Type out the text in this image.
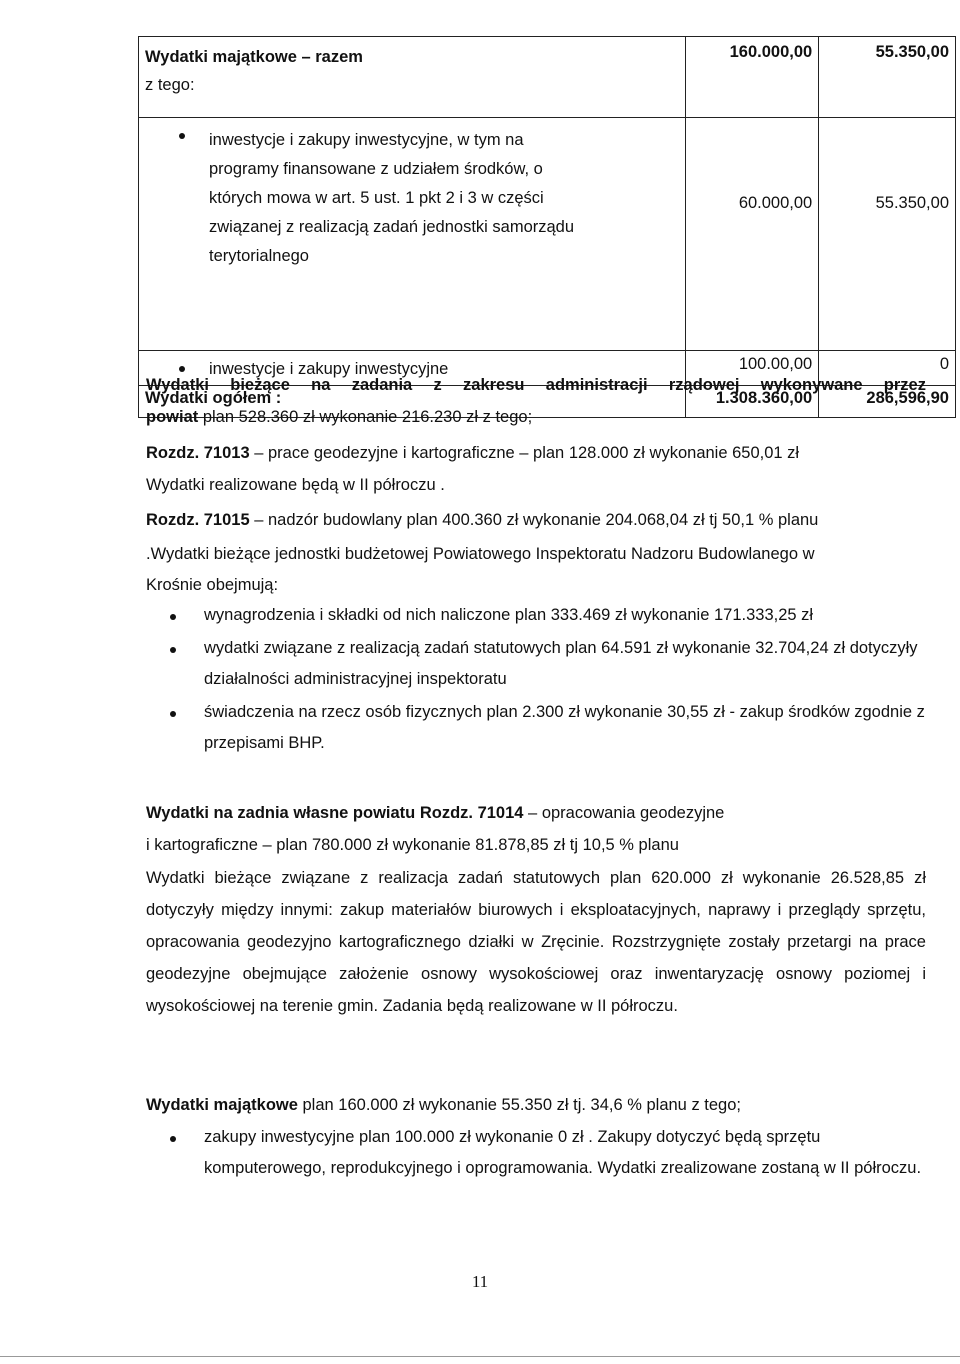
Wydatki majątkowe – razem
z tego:	160.000,00	55.350,00

inwestycje i zakupy inwestycyjne, w tym na
programy finansowane z udziałem środków, o
których mowa w art. 5 ust. 1 pkt 2 i 3 w części
związanej z realizacją zadań jednostki samorządu
terytorialnego	60.000,00	55.350,00
inwestycje i zakupy inwestycyjne	100.00,00	0
Wydatki ogółem :	1.308.360,00	286,596,90
Wydatki bieżące na zadania z zakresu administracji rządowej wykonywane przez
powiat plan 528.360 zł wykonanie 216.230 zł z tego;
Rozdz. 71013 – prace geodezyjne i kartograficzne – plan 128.000 zł wykonanie 650,01 zł
Wydatki realizowane będą w II półroczu .
Rozdz. 71015 – nadzór budowlany plan 400.360 zł wykonanie 204.068,04 zł tj 50,1 % planu
.Wydatki bieżące jednostki budżetowej Powiatowego Inspektoratu Nadzoru Budowlanego w
Krośnie obejmują:
wynagrodzenia i składki od nich naliczone plan 333.469 zł wykonanie 171.333,25 zł
wydatki związane z realizacją zadań statutowych plan 64.591 zł wykonanie 32.704,24 zł dotyczyły działalności administracyjnej inspektoratu
świadczenia na rzecz osób fizycznych plan 2.300 zł wykonanie 30,55 zł - zakup środków zgodnie z przepisami BHP.
Wydatki na zadnia własne powiatu Rozdz. 71014 – opracowania geodezyjne
i kartograficzne – plan 780.000 zł wykonanie 81.878,85 zł tj 10,5 % planu
Wydatki bieżące związane z realizacja zadań statutowych plan 620.000 zł wykonanie 26.528,85 zł dotyczyły między innymi: zakup materiałów biurowych i eksploatacyjnych, naprawy i przeglądy sprzętu, opracowania geodezyjno kartograficznego działki w Zręcinie. Rozstrzygnięte zostały przetargi na prace geodezyjne obejmujące założenie osnowy wysokościowej oraz inwentaryzację osnowy poziomej i wysokościowej na terenie gmin. Zadania będą realizowane w II półroczu.
Wydatki majątkowe plan 160.000 zł wykonanie 55.350 zł tj. 34,6 % planu z tego;
zakupy inwestycyjne plan 100.000 zł wykonanie 0 zł . Zakupy dotyczyć będą sprzętu komputerowego, reprodukcyjnego i oprogramowania. Wydatki zrealizowane zostaną w II półroczu.
11
